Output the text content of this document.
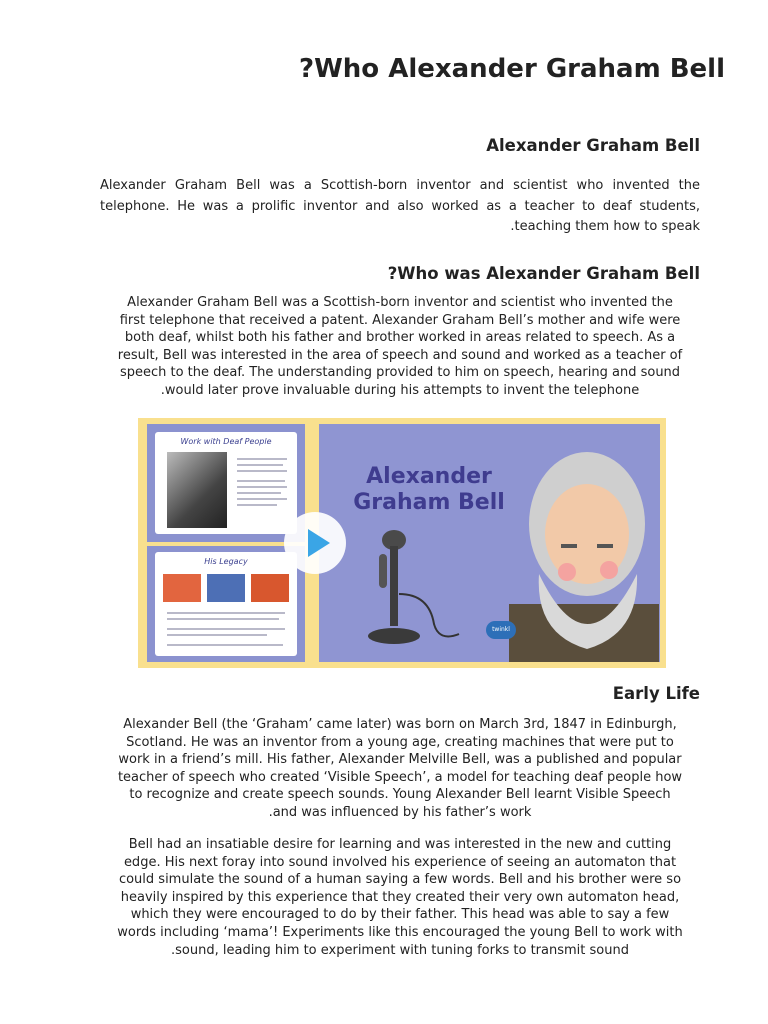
?Who Alexander Graham Bell
Alexander Graham Bell

Alexander Graham Bell was a Scottish-born inventor and scientist who invented the
telephone. He was a prolific inventor and also worked as a teacher to deaf students,
.teaching them how to speak

?Who was Alexander Graham Bell

Alexander Graham Bell was a Scottish-born inventor and scientist who invented the
first telephone that received a patent. Alexander Graham Bell’s mother and wife were
both deaf, whilst both his father and brother worked in areas related to speech. As a
result, Bell was interested in the area of speech and sound and worked as a teacher of
speech to the deaf. The understanding provided to him on speech, hearing and sound
.would later prove invaluable during his attempts to invent the telephone

Work with Deaf People
His Legacy
Alexander
Graham Bell
twinkl
Early Life

Alexander Bell (the ‘Graham’ came later) was born on March 3rd, 1847 in Edinburgh,
Scotland. He was an inventor from a young age, creating machines that were put to
work in a friend’s mill. His father, Alexander Melville Bell, was a published and popular
teacher of speech who created ‘Visible Speech’, a model for teaching deaf people how
to recognize and create speech sounds. Young Alexander Bell learnt Visible Speech
.and was influenced by his father’s work

Bell had an insatiable desire for learning and was interested in the new and cutting
edge. His next foray into sound involved his experience of seeing an automaton that
could simulate the sound of a human saying a few words. Bell and his brother were so
heavily inspired by this experience that they created their very own automaton head,
which they were encouraged to do by their father. This head was able to say a few
words including ‘mama’! Experiments like this encouraged the young Bell to work with
.sound, leading him to experiment with tuning forks to transmit sound
